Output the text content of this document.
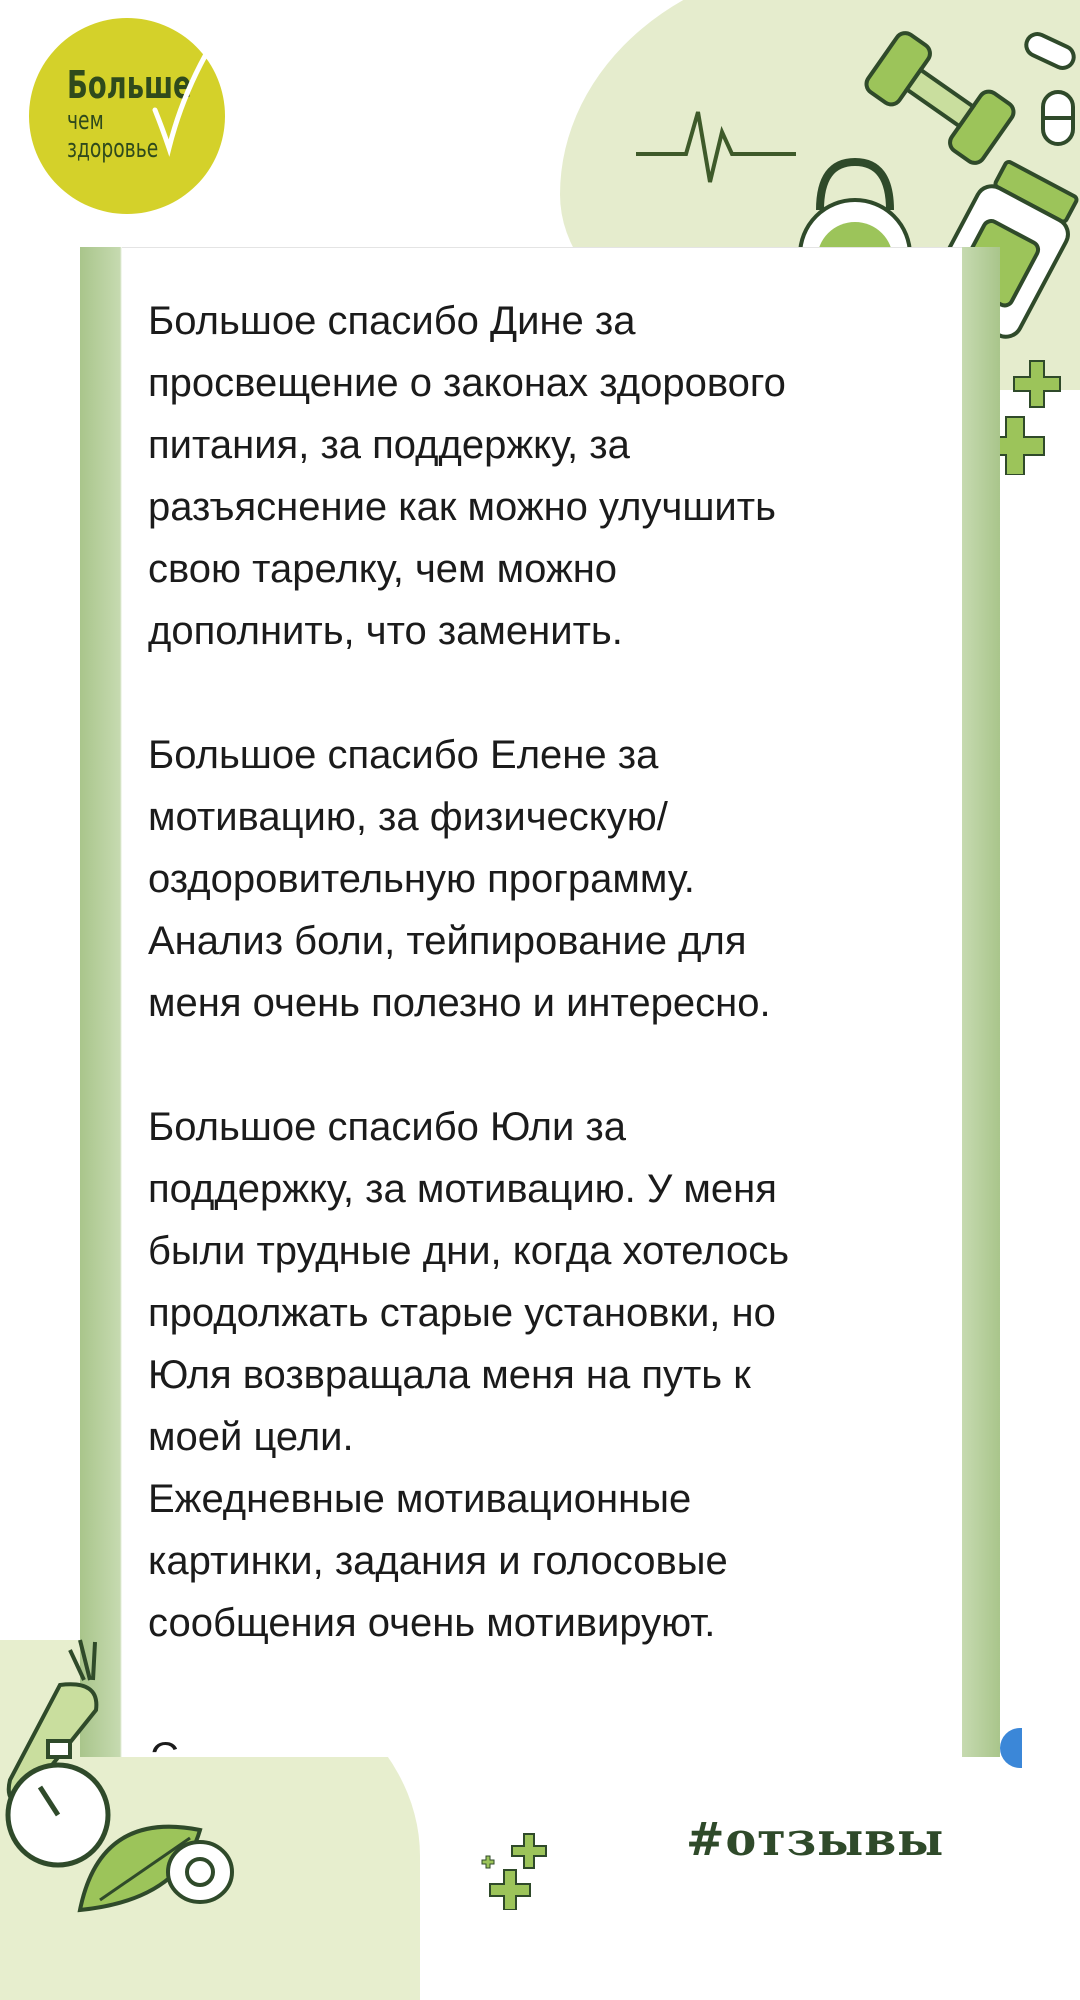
Больше
чем
здоровье

Большое спасибо Дине за
просвещение о законах здорового
питания, за поддержку, за
разъяснение как можно улучшить
свою тарелку, чем можно
дополнить, что заменить.

Большое спасибо Елене за
мотивацию, за физическую/
оздоровительную программу.
Анализ боли, тейпирование для
меня очень полезно и интересно.

Большое спасибо Юли за
поддержку, за мотивацию. У меня
были трудные дни, когда хотелось
продолжать старые установки, но
Юля возвращала меня на путь к
моей цели.
Ежедневные мотивационные
картинки, задания и голосовые
сообщения очень мотивируют.

#отзывы
